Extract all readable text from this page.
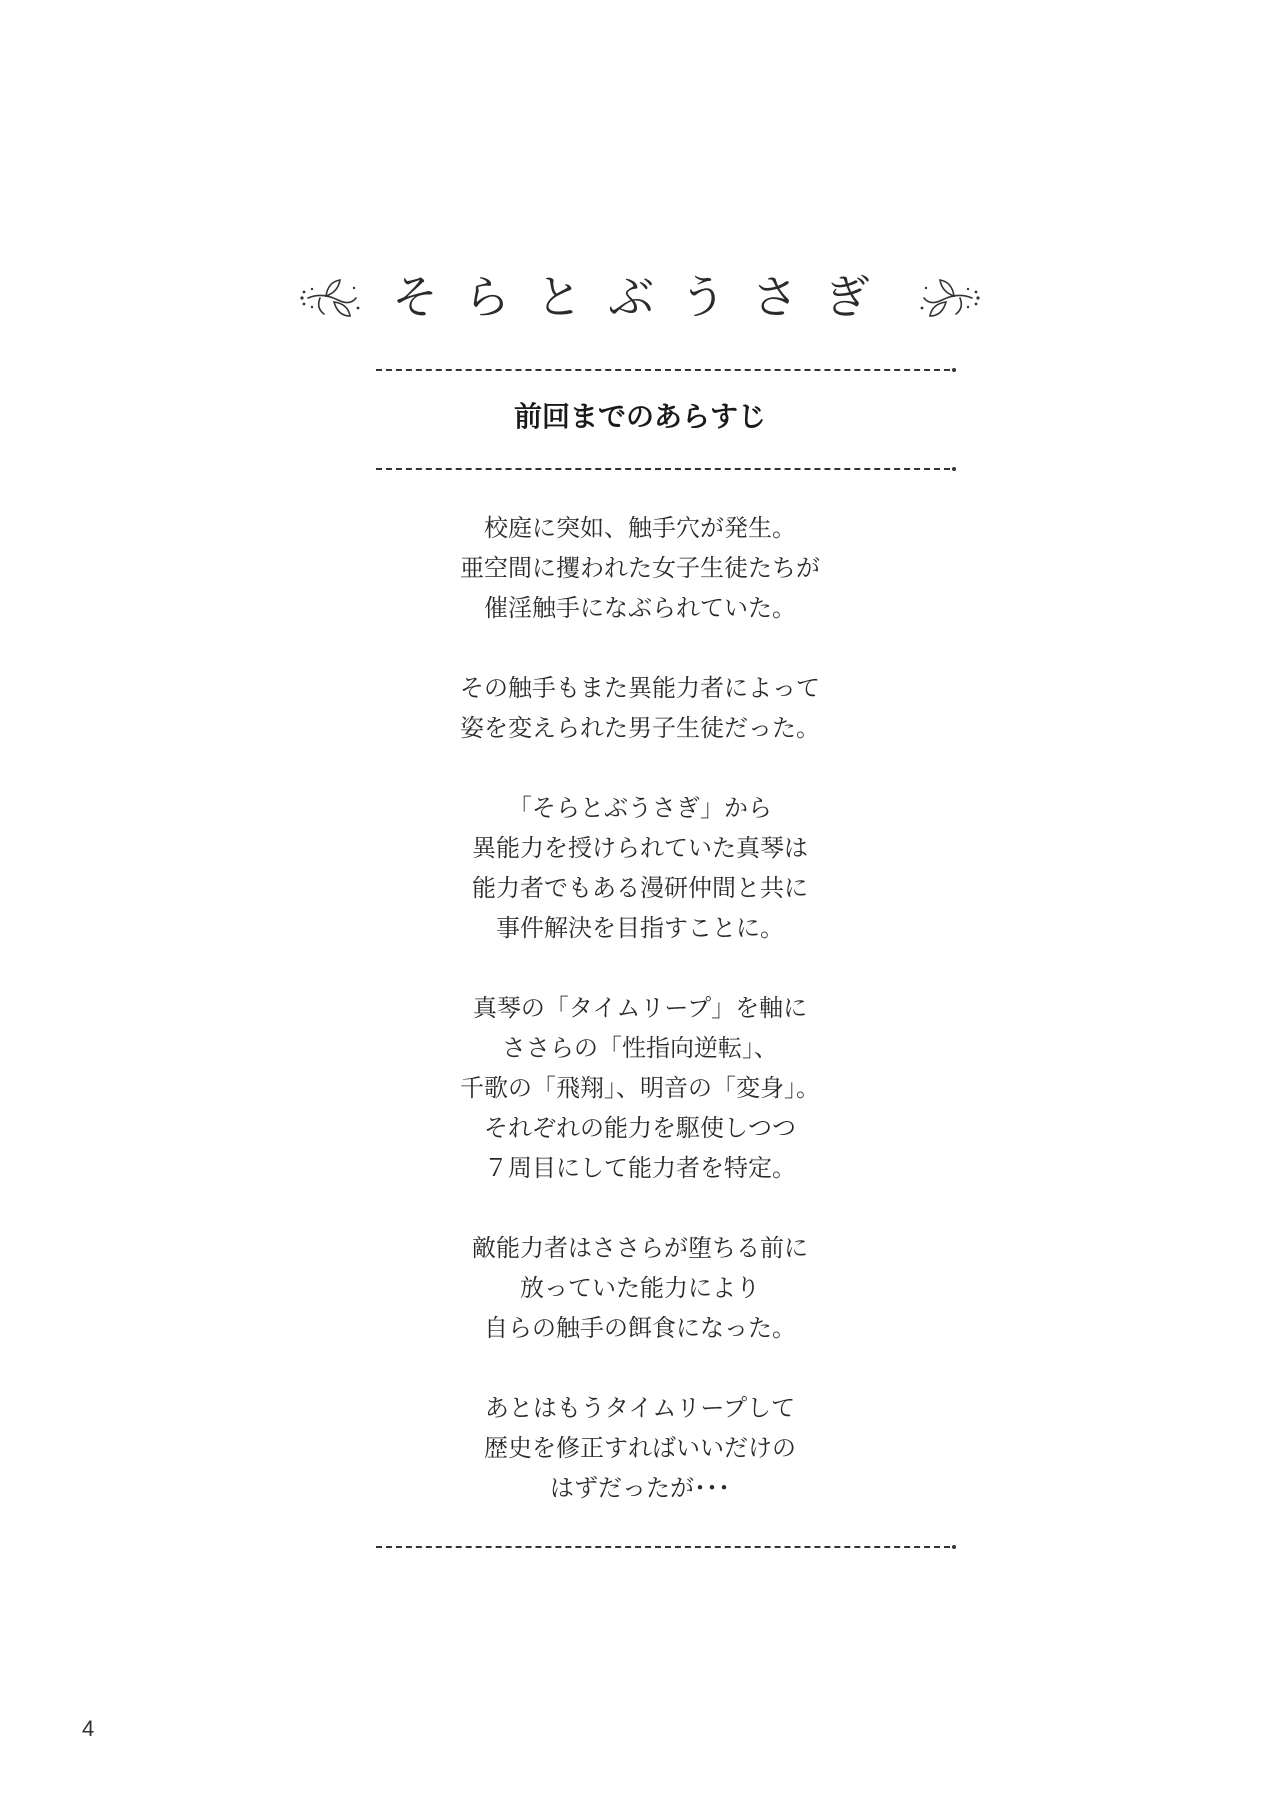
そらとぶうさぎ
前回までのあらすじ
校庭に突如、触手穴が発生。
亜空間に攫われた女子生徒たちが
催淫触手になぶられていた。
その触手もまた異能力者によって
姿を変えられた男子生徒だった。
「そらとぶうさぎ」から
異能力を授けられていた真琴は
能力者でもある漫研仲間と共に
事件解決を目指すことに。
真琴の「タイムリープ」を軸に
ささらの「性指向逆転」、
千歌の「飛翔」、明音の「変身」。
それぞれの能力を駆使しつつ
７周目にして能力者を特定。
敵能力者はささらが堕ちる前に
放っていた能力により
自らの触手の餌食になった。
あとはもうタイムリープして
歴史を修正すればいいだけの
はずだったが･･･
4
